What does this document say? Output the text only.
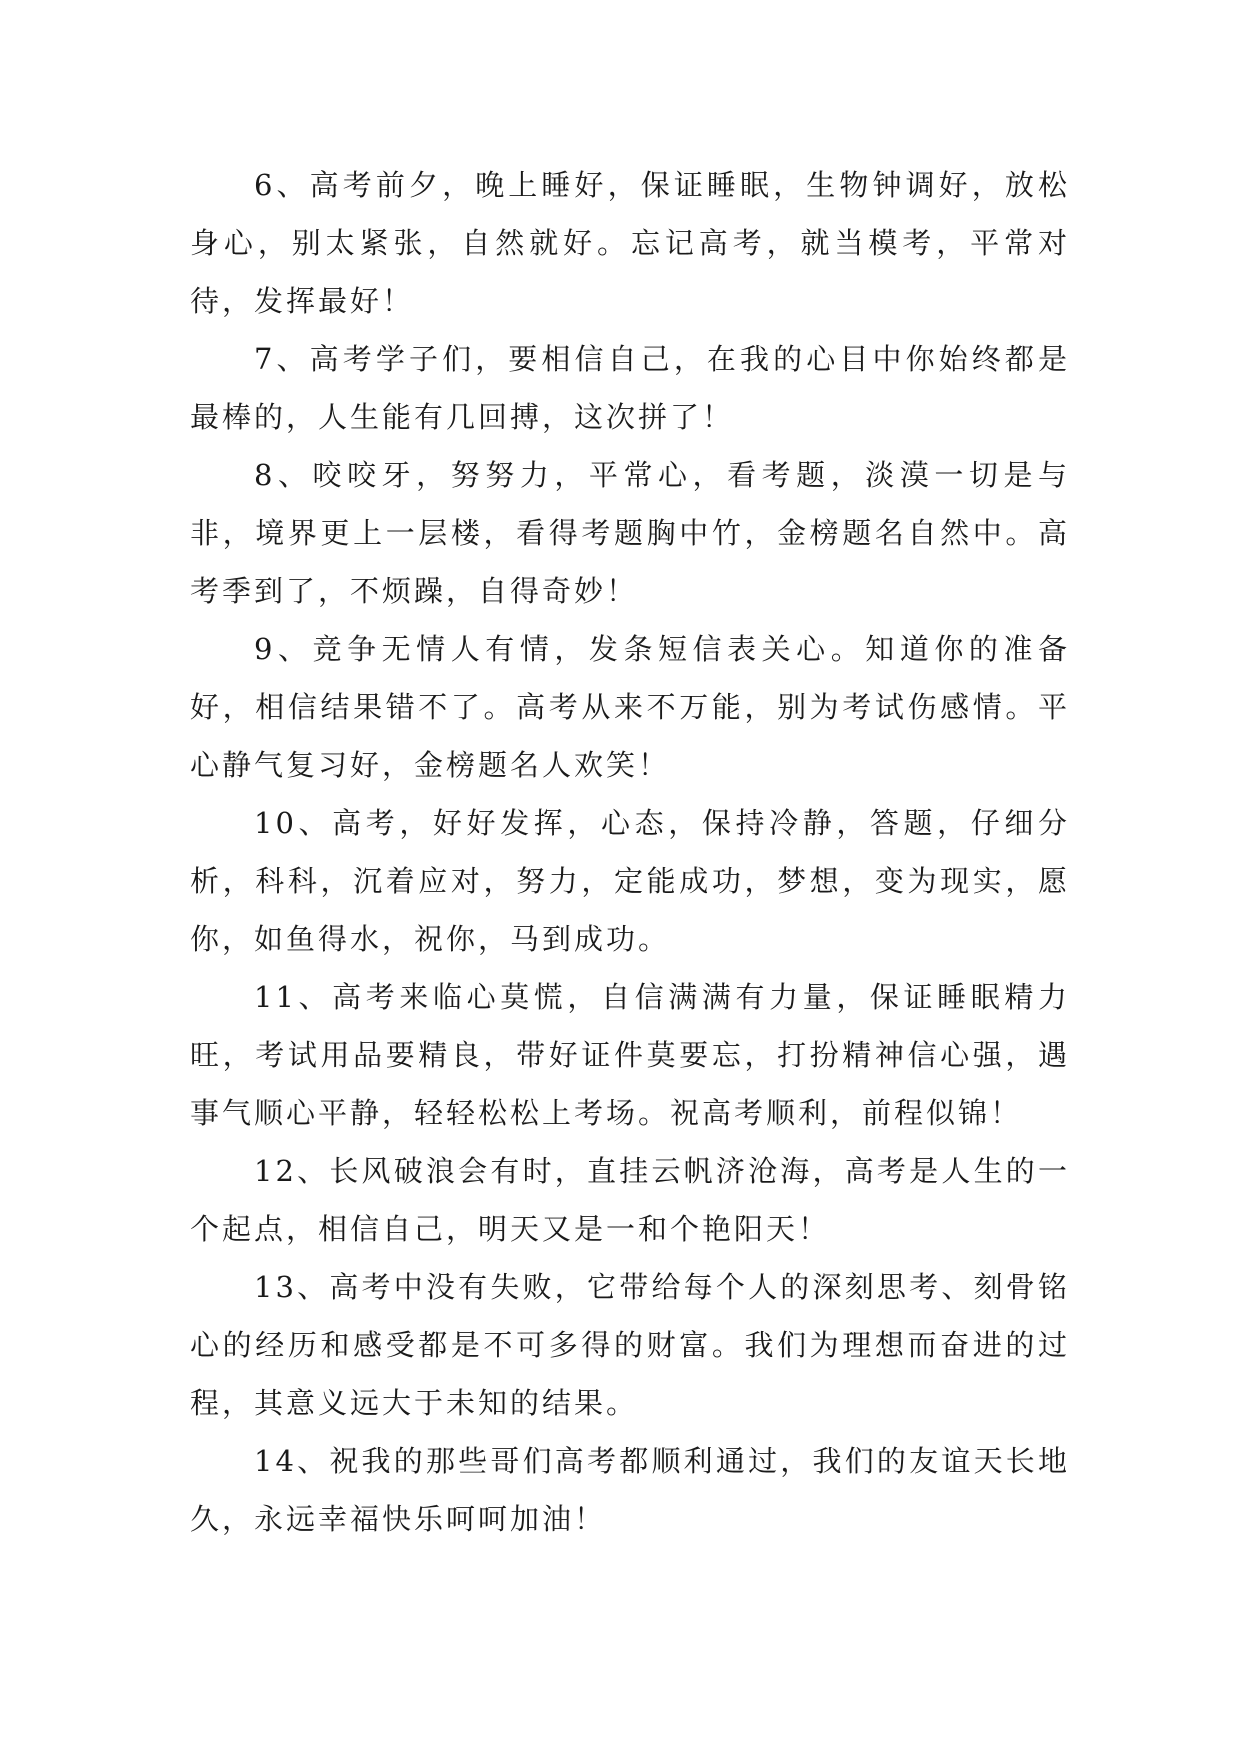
6、高考前夕，晚上睡好，保证睡眠，生物钟调好，放松身心，别太紧张，自然就好。忘记高考，就当模考，平常对待，发挥最好！

7、高考学子们，要相信自己，在我的心目中你始终都是最棒的，人生能有几回搏，这次拼了！

8、咬咬牙，努努力，平常心，看考题，淡漠一切是与非，境界更上一层楼，看得考题胸中竹，金榜题名自然中。高考季到了，不烦躁，自得奇妙！

9、竞争无情人有情，发条短信表关心。知道你的准备好，相信结果错不了。高考从来不万能，别为考试伤感情。平心静气复习好，金榜题名人欢笑！

10、高考，好好发挥，心态，保持冷静，答题，仔细分析，科科，沉着应对，努力，定能成功，梦想，变为现实，愿你，如鱼得水，祝你，马到成功。

11、高考来临心莫慌，自信满满有力量，保证睡眠精力旺，考试用品要精良，带好证件莫要忘，打扮精神信心强，遇事气顺心平静，轻轻松松上考场。祝高考顺利，前程似锦！

12、长风破浪会有时，直挂云帆济沧海，高考是人生的一个起点，相信自己，明天又是一和个艳阳天！

13、高考中没有失败，它带给每个人的深刻思考、刻骨铭心的经历和感受都是不可多得的财富。我们为理想而奋进的过程，其意义远大于未知的结果。

14、祝我的那些哥们高考都顺利通过，我们的友谊天长地久，永远幸福快乐呵呵加油！
